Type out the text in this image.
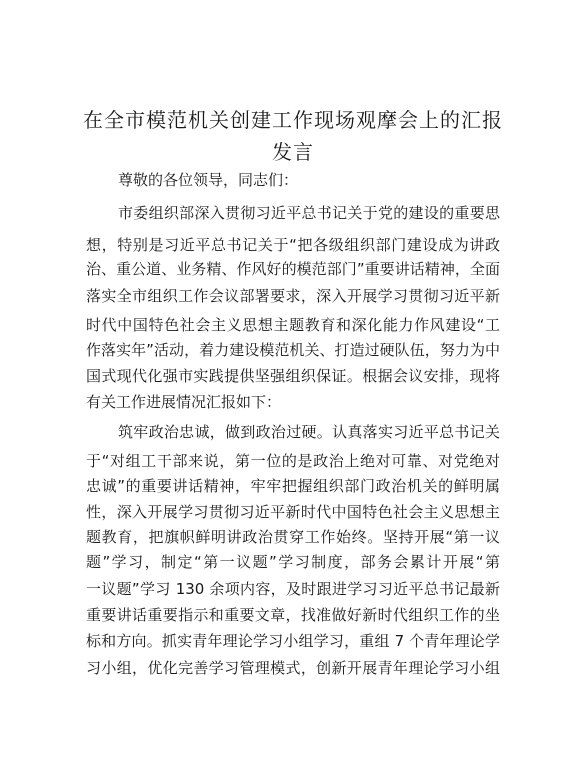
在全市模范机关创建工作现场观摩会上的汇报
发言
尊敬的各位领导，同志们：
市委组织部深入贯彻习近平总书记关于党的建设的重要思
想，特别是习近平总书记关于“把各级组织部门建设成为讲政
治、重公道、业务精、作风好的模范部门”重要讲话精神，全面
落实全市组织工作会议部署要求，深入开展学习贯彻习近平新
时代中国特色社会主义思想主题教育和深化能力作风建设“工
作落实年”活动，着力建设模范机关、打造过硬队伍，努力为中
国式现代化强市实践提供坚强组织保证。根据会议安排，现将
有关工作进展情况汇报如下：
筑牢政治忠诚，做到政治过硬。认真落实习近平总书记关
于“对组工干部来说，第一位的是政治上绝对可靠、对党绝对
忠诚”的重要讲话精神，牢牢把握组织部门政治机关的鲜明属
性，深入开展学习贯彻习近平新时代中国特色社会主义思想主
题教育，把旗帜鲜明讲政治贯穿工作始终。坚持开展“第一议
题”学习，制定“第一议题”学习制度，部务会累计开展“第
一议题”学习 130 余项内容，及时跟进学习习近平总书记最新
重要讲话重要指示和重要文章，找准做好新时代组织工作的坐
标和方向。抓实青年理论学习小组学习，重组 7 个青年理论学
习小组，优化完善学习管理模式，创新开展青年理论学习小组
